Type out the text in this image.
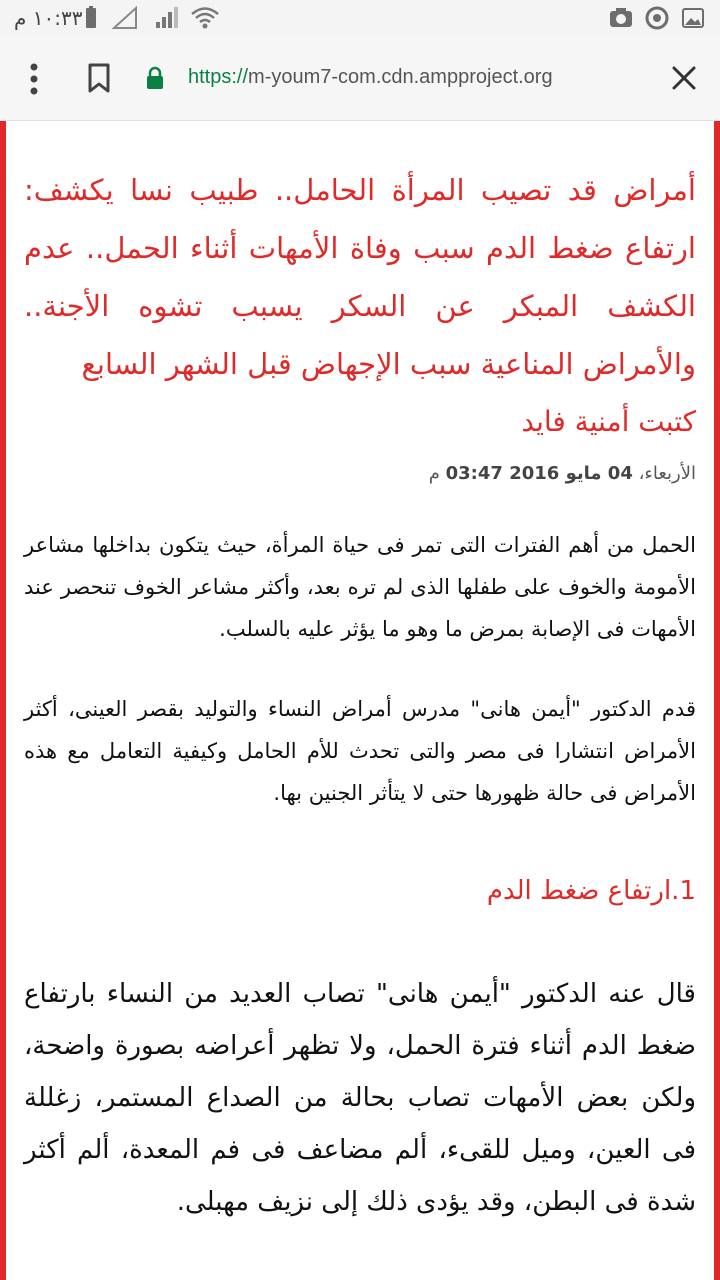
١٠:٣٣ م
https://m-youm7-com.cdn.ampproject.org
أمراض قد تصيب المرأة الحامل.. طبيب نسا يكشف: ارتفاع ضغط الدم سبب وفاة الأمهات أثناء الحمل.. عدم الكشف المبكر عن السكر يسبب تشوه الأجنة.. والأمراض المناعية سبب الإجهاض قبل الشهر السابع
كتبت أمنية فايد
الأربعاء، 04 مايو 2016 03:47 م

الحمل من أهم الفترات التى تمر فى حياة المرأة، حيث يتكون بداخلها مشاعر الأمومة والخوف على طفلها الذى لم تره بعد، وأكثر مشاعر الخوف تنحصر عند الأمهات فى الإصابة بمرض ما وهو ما يؤثر عليه بالسلب.

قدم الدكتور "أيمن هانى" مدرس أمراض النساء والتوليد بقصر العينى، أكثر الأمراض انتشارا فى مصر والتى تحدث للأم الحامل وكيفية التعامل مع هذه الأمراض فى حالة ظهورها حتى لا يتأثر الجنين بها.

1.ارتفاع ضغط الدم

قال عنه الدكتور "أيمن هانى" تصاب العديد من النساء بارتفاع ضغط الدم أثناء فترة الحمل، ولا تظهر أعراضه بصورة واضحة، ولكن بعض الأمهات تصاب بحالة من الصداع المستمر، زغللة فى العين، وميل للقىء، ألم مضاعف فى فم المعدة، ألم أكثر شدة فى البطن، وقد يؤدى ذلك إلى نزيف مهبلى.
